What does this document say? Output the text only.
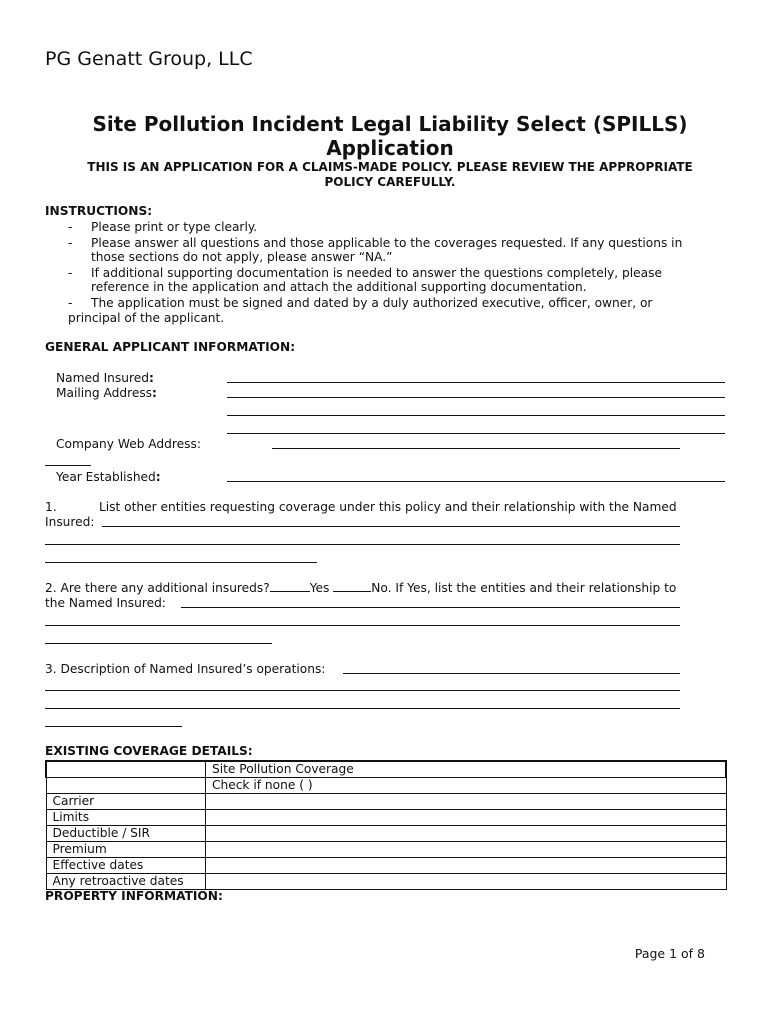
PG Genatt Group, LLC
Site Pollution Incident Legal Liability Select (SPILLS)
Application
THIS IS AN APPLICATION FOR A CLAIMS-MADE POLICY. PLEASE REVIEW THE APPROPRIATE
POLICY CAREFULLY.
INSTRUCTIONS:
- Please print or type clearly.
- Please answer all questions and those applicable to the coverages requested. If any questions in
those sections do not apply, please answer “NA.”
- If additional supporting documentation is needed to answer the questions completely, please
reference in the application and attach the additional supporting documentation.
- The application must be signed and dated by a duly authorized executive, officer, owner, or
principal of the applicant.
GENERAL APPLICANT INFORMATION:
Named Insured:
Mailing Address:
Company Web Address:
Year Established:
1.	List other entities requesting coverage under this policy and their relationship with the Named
Insured:
2. Are there any additional insureds?	Yes	No. If Yes, list the entities and their relationship to
the Named Insured:
3. Description of Named Insured’s operations:
EXISTING COVERAGE DETAILS:
	Site Pollution Coverage
	Check if none ( )
Carrier	
Limits	
Deductible / SIR	
Premium	
Effective dates	
Any retroactive dates	
PROPERTY INFORMATION:
Page 1 of 8
